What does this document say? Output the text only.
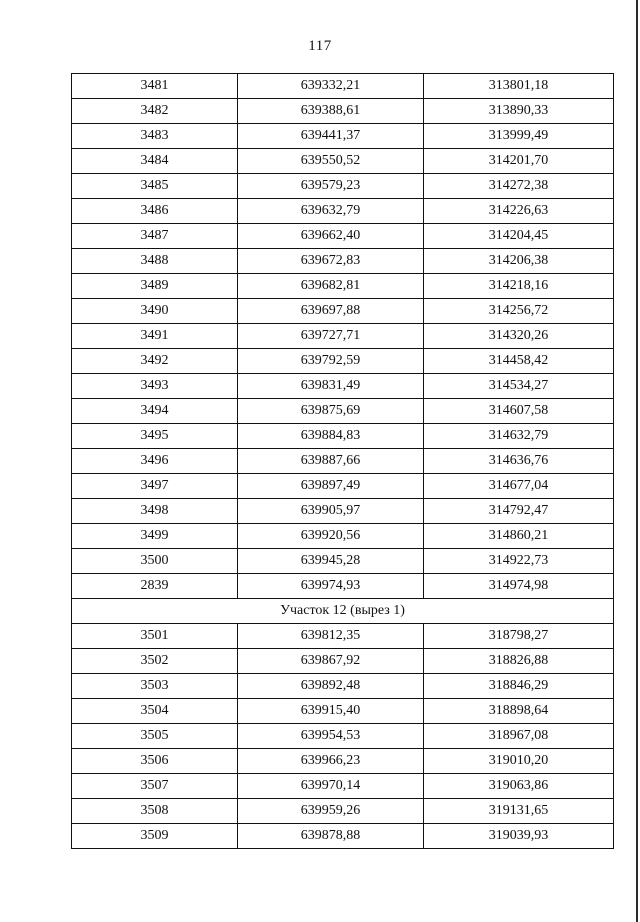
117
3481	639332,21	313801,18
3482	639388,61	313890,33
3483	639441,37	313999,49
3484	639550,52	314201,70
3485	639579,23	314272,38
3486	639632,79	314226,63
3487	639662,40	314204,45
3488	639672,83	314206,38
3489	639682,81	314218,16
3490	639697,88	314256,72
3491	639727,71	314320,26
3492	639792,59	314458,42
3493	639831,49	314534,27
3494	639875,69	314607,58
3495	639884,83	314632,79
3496	639887,66	314636,76
3497	639897,49	314677,04
3498	639905,97	314792,47
3499	639920,56	314860,21
3500	639945,28	314922,73
2839	639974,93	314974,98
Участок 12 (вырез 1)		
3501	639812,35	318798,27
3502	639867,92	318826,88
3503	639892,48	318846,29
3504	639915,40	318898,64
3505	639954,53	318967,08
3506	639966,23	319010,20
3507	639970,14	319063,86
3508	639959,26	319131,65
3509	639878,88	319039,93
